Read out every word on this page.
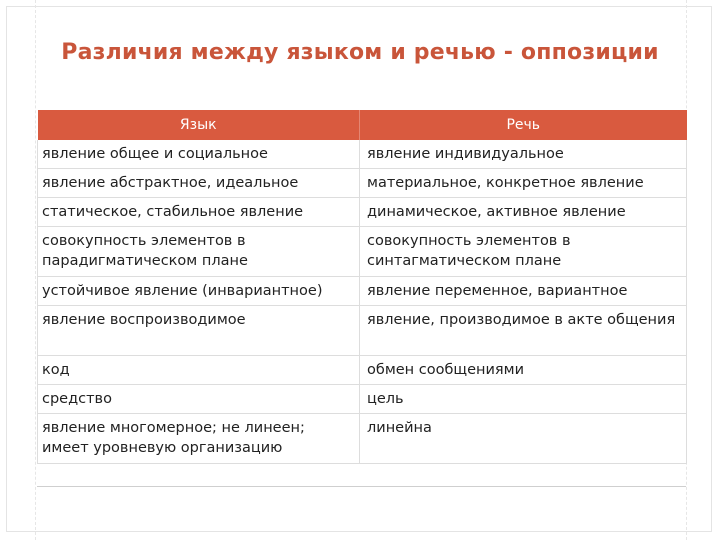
Различия между языком и речью - оппозиции
Язык	Речь
явление общее и социальное	явление индивидуальное
явление абстрактное, идеальное	материальное, конкретное явление
статическое, стабильное явление	динамическое, активное явление
совокупность элементов в парадигматическом плане	совокупность элементов в синтагматическом плане
устойчивое явление (инвариантное)	явление переменное, вариантное
явление воспроизводимое	явление, производимое в акте общения
код	обмен сообщениями
средство	цель
явление многомерное; не линеен; имеет уровневую организацию	линейна
